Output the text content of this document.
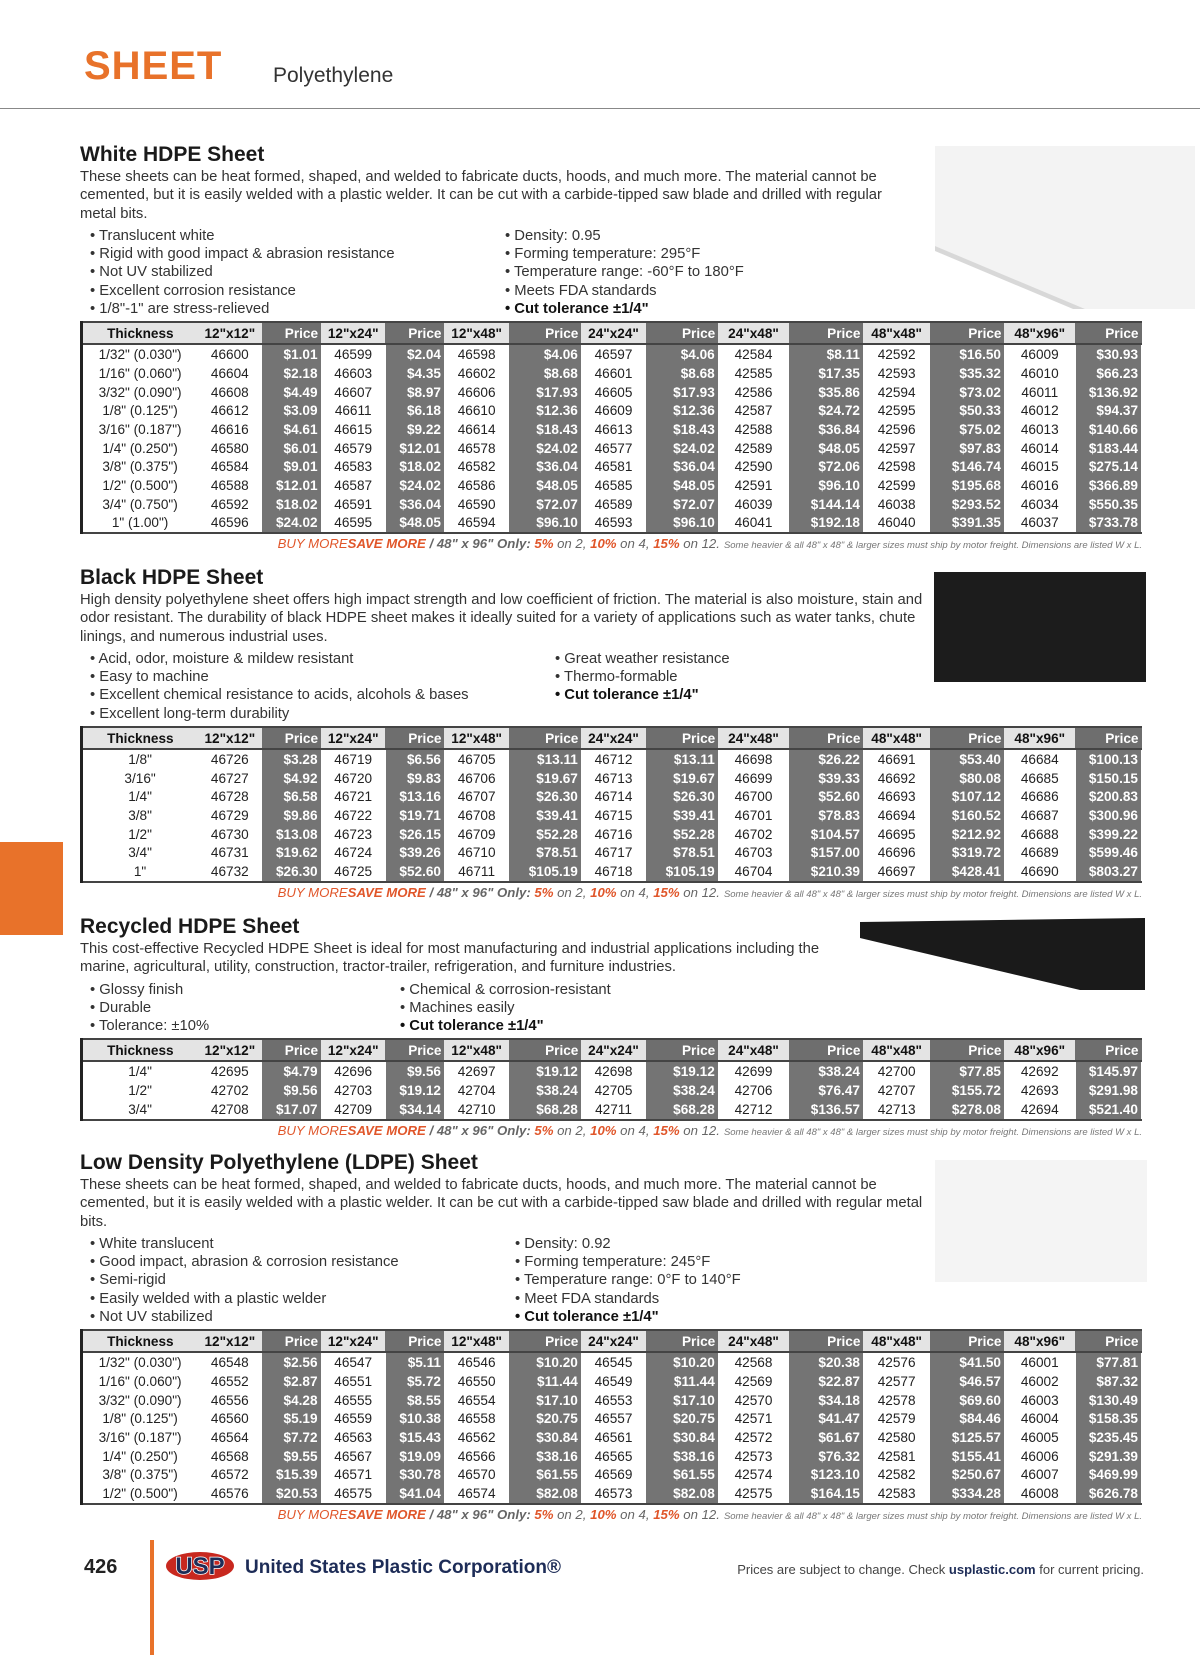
SHEET Polyethylene
White HDPE Sheet
These sheets can be heat formed, shaped, and welded to fabricate ducts, hoods, and much more. The material cannot be cemented, but it is easily welded with a plastic welder. It can be cut with a carbide-tipped saw blade and drilled with regular metal bits.
• Translucent white
• Rigid with good impact & abrasion resistance
• Not UV stabilized
• Excellent corrosion resistance
• 1/8"-1" are stress-relieved
• Density: 0.95
• Forming temperature: 295°F
• Temperature range: -60°F to 180°F
• Meets FDA standards
• Cut tolerance ±1/4"
Thickness	12"x12"	Price	12"x24"	Price	12"x48"	Price	24"x24"	Price	24"x48"	Price	48"x48"	Price	48"x96"	Price
1/32" (0.030")	46600	$1.01	46599	$2.04	46598	$4.06	46597	$4.06	42584	$8.11	42592	$16.50	46009	$30.93
1/16" (0.060")	46604	$2.18	46603	$4.35	46602	$8.68	46601	$8.68	42585	$17.35	42593	$35.32	46010	$66.23
3/32" (0.090")	46608	$4.49	46607	$8.97	46606	$17.93	46605	$17.93	42586	$35.86	42594	$73.02	46011	$136.92
1/8" (0.125")	46612	$3.09	46611	$6.18	46610	$12.36	46609	$12.36	42587	$24.72	42595	$50.33	46012	$94.37
3/16" (0.187")	46616	$4.61	46615	$9.22	46614	$18.43	46613	$18.43	42588	$36.84	42596	$75.02	46013	$140.66
1/4" (0.250")	46580	$6.01	46579	$12.01	46578	$24.02	46577	$24.02	42589	$48.05	42597	$97.83	46014	$183.44
3/8" (0.375")	46584	$9.01	46583	$18.02	46582	$36.04	46581	$36.04	42590	$72.06	42598	$146.74	46015	$275.14
1/2" (0.500")	46588	$12.01	46587	$24.02	46586	$48.05	46585	$48.05	42591	$96.10	42599	$195.68	46016	$366.89
3/4" (0.750")	46592	$18.02	46591	$36.04	46590	$72.07	46589	$72.07	46039	$144.14	46038	$293.52	46034	$550.35
1" (1.00")	46596	$24.02	46595	$48.05	46594	$96.10	46593	$96.10	46041	$192.18	46040	$391.35	46037	$733.78
BUY MORESAVE MORE / 48" x 96" Only: 5% on 2, 10% on 4, 15% on 12. Some heavier & all 48" x 48" & larger sizes must ship by motor freight. Dimensions are listed W x L.
Black HDPE Sheet
High density polyethylene sheet offers high impact strength and low coefficient of friction. The material is also moisture, stain and odor resistant. The durability of black HDPE sheet makes it ideally suited for a variety of applications such as water tanks, chute linings, and numerous industrial uses.
• Acid, odor, moisture & mildew resistant
• Easy to machine
• Excellent chemical resistance to acids, alcohols & bases
• Excellent long-term durability
• Great weather resistance
• Thermo-formable
• Cut tolerance ±1/4"
Thickness	12"x12"	Price	12"x24"	Price	12"x48"	Price	24"x24"	Price	24"x48"	Price	48"x48"	Price	48"x96"	Price
1/8"	46726	$3.28	46719	$6.56	46705	$13.11	46712	$13.11	46698	$26.22	46691	$53.40	46684	$100.13
3/16"	46727	$4.92	46720	$9.83	46706	$19.67	46713	$19.67	46699	$39.33	46692	$80.08	46685	$150.15
1/4"	46728	$6.58	46721	$13.16	46707	$26.30	46714	$26.30	46700	$52.60	46693	$107.12	46686	$200.83
3/8"	46729	$9.86	46722	$19.71	46708	$39.41	46715	$39.41	46701	$78.83	46694	$160.52	46687	$300.96
1/2"	46730	$13.08	46723	$26.15	46709	$52.28	46716	$52.28	46702	$104.57	46695	$212.92	46688	$399.22
3/4"	46731	$19.62	46724	$39.26	46710	$78.51	46717	$78.51	46703	$157.00	46696	$319.72	46689	$599.46
1"	46732	$26.30	46725	$52.60	46711	$105.19	46718	$105.19	46704	$210.39	46697	$428.41	46690	$803.27
BUY MORESAVE MORE / 48" x 96" Only: 5% on 2, 10% on 4, 15% on 12. Some heavier & all 48" x 48" & larger sizes must ship by motor freight. Dimensions are listed W x L.
Recycled HDPE Sheet
This cost-effective Recycled HDPE Sheet is ideal for most manufacturing and industrial applications including the marine, agricultural, utility, construction, tractor-trailer, refrigeration, and furniture industries.
• Glossy finish
• Durable
• Tolerance: ±10%
• Chemical & corrosion-resistant
• Machines easily
• Cut tolerance ±1/4"
Thickness	12"x12"	Price	12"x24"	Price	12"x48"	Price	24"x24"	Price	24"x48"	Price	48"x48"	Price	48"x96"	Price
1/4"	42695	$4.79	42696	$9.56	42697	$19.12	42698	$19.12	42699	$38.24	42700	$77.85	42692	$145.97
1/2"	42702	$9.56	42703	$19.12	42704	$38.24	42705	$38.24	42706	$76.47	42707	$155.72	42693	$291.98
3/4"	42708	$17.07	42709	$34.14	42710	$68.28	42711	$68.28	42712	$136.57	42713	$278.08	42694	$521.40
BUY MORESAVE MORE / 48" x 96" Only: 5% on 2, 10% on 4, 15% on 12. Some heavier & all 48" x 48" & larger sizes must ship by motor freight. Dimensions are listed W x L.
Low Density Polyethylene (LDPE) Sheet
These sheets can be heat formed, shaped, and welded to fabricate ducts, hoods, and much more. The material cannot be cemented, but it is easily welded with a plastic welder. It can be cut with a carbide-tipped saw blade and drilled with regular metal bits.
• White translucent
• Good impact, abrasion & corrosion resistance
• Semi-rigid
• Easily welded with a plastic welder
• Not UV stabilized
• Density: 0.92
• Forming temperature: 245°F
• Temperature range: 0°F to 140°F
• Meet FDA standards
• Cut tolerance ±1/4"
Thickness	12"x12"	Price	12"x24"	Price	12"x48"	Price	24"x24"	Price	24"x48"	Price	48"x48"	Price	48"x96"	Price
1/32" (0.030")	46548	$2.56	46547	$5.11	46546	$10.20	46545	$10.20	42568	$20.38	42576	$41.50	46001	$77.81
1/16" (0.060")	46552	$2.87	46551	$5.72	46550	$11.44	46549	$11.44	42569	$22.87	42577	$46.57	46002	$87.32
3/32" (0.090")	46556	$4.28	46555	$8.55	46554	$17.10	46553	$17.10	42570	$34.18	42578	$69.60	46003	$130.49
1/8" (0.125")	46560	$5.19	46559	$10.38	46558	$20.75	46557	$20.75	42571	$41.47	42579	$84.46	46004	$158.35
3/16" (0.187")	46564	$7.72	46563	$15.43	46562	$30.84	46561	$30.84	42572	$61.67	42580	$125.57	46005	$235.45
1/4" (0.250")	46568	$9.55	46567	$19.09	46566	$38.16	46565	$38.16	42573	$76.32	42581	$155.41	46006	$291.39
3/8" (0.375")	46572	$15.39	46571	$30.78	46570	$61.55	46569	$61.55	42574	$123.10	42582	$250.67	46007	$469.99
1/2" (0.500")	46576	$20.53	46575	$41.04	46574	$82.08	46573	$82.08	42575	$164.15	42583	$334.28	46008	$626.78
BUY MORESAVE MORE / 48" x 96" Only: 5% on 2, 10% on 4, 15% on 12. Some heavier & all 48" x 48" & larger sizes must ship by motor freight. Dimensions are listed W x L.
426 USP United States Plastic Corporation®	Prices are subject to change. Check usplastic.com for current pricing.
